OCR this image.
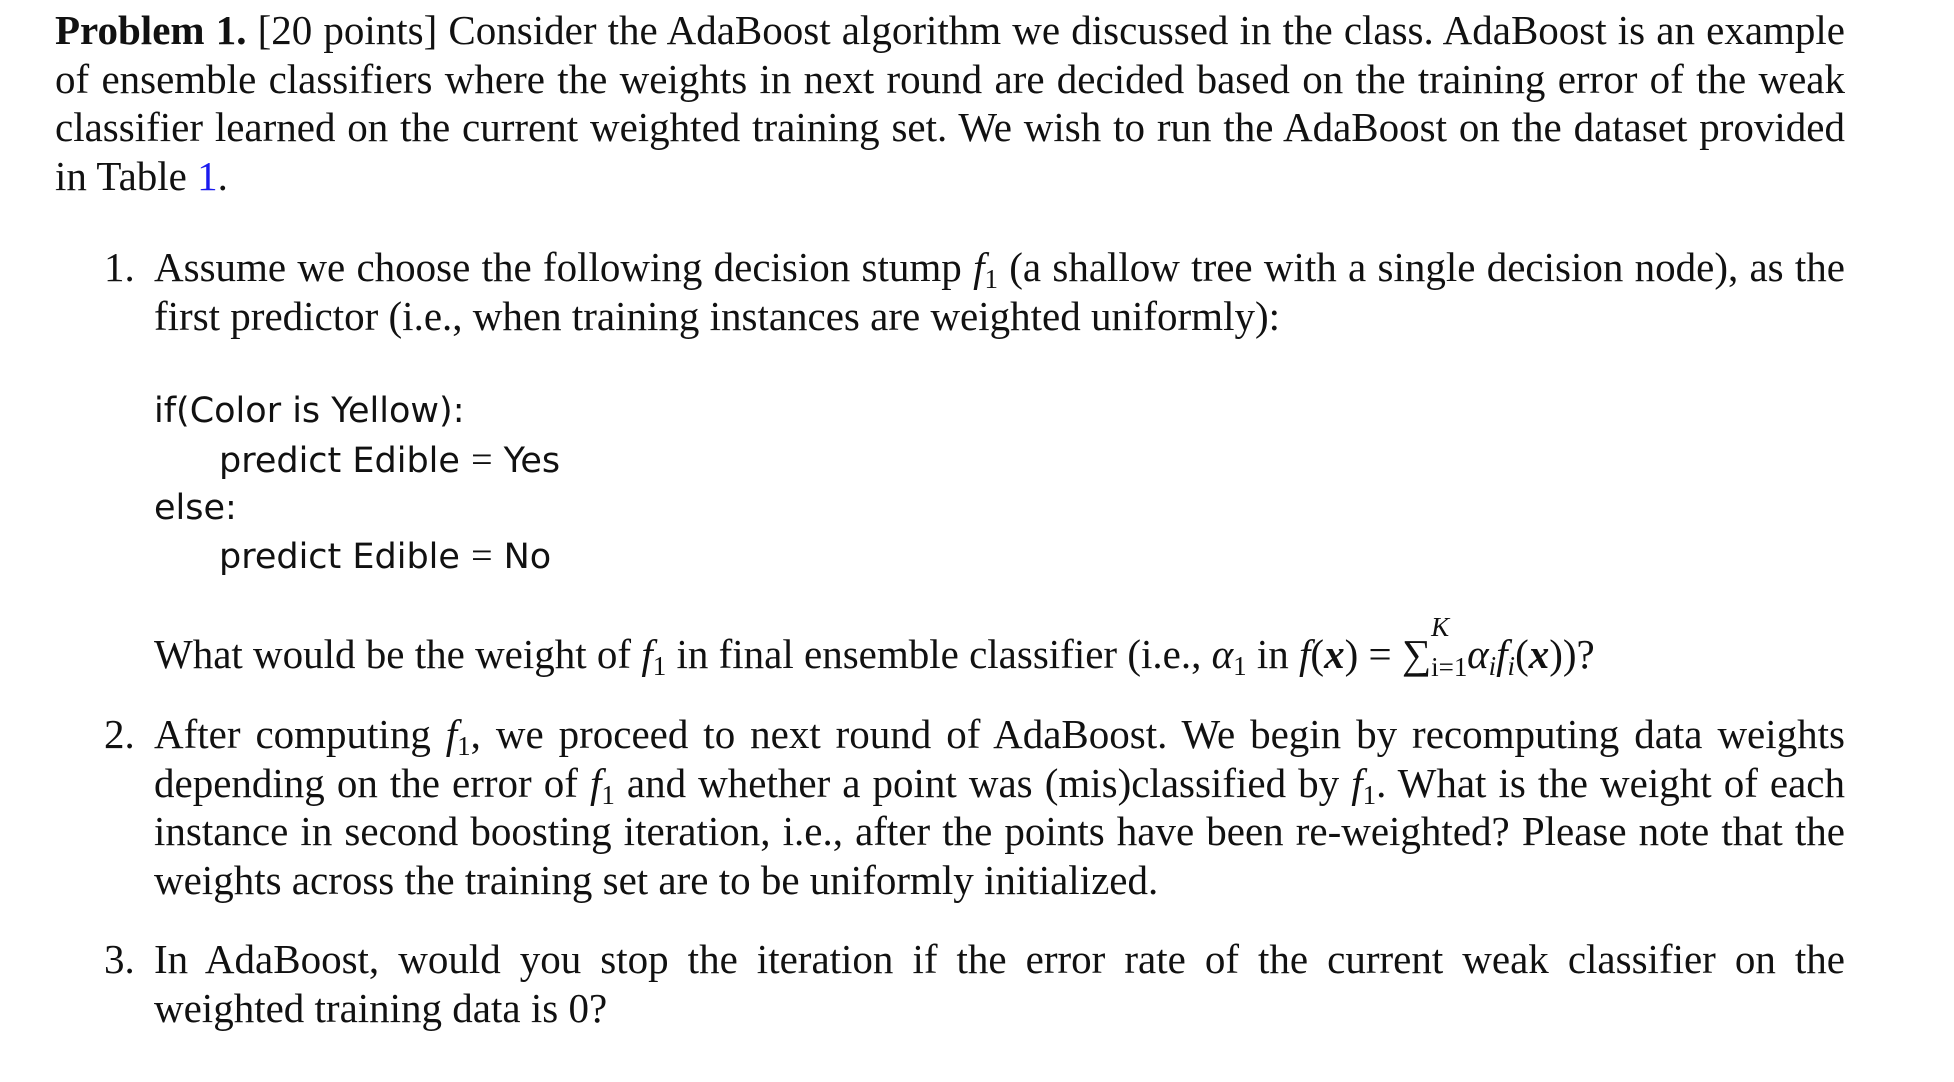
Problem 1. [20 points] Consider the AdaBoost algorithm we discussed in the class. AdaBoost is an example of ensemble classifiers where the weights in next round are decided based on the training error of the weak classifier learned on the current weighted training set. We wish to run the AdaBoost on the dataset provided in Table 1.

1. Assume we choose the following decision stump $f_1$ (a shallow tree with a single decision node), as the first predictor (i.e., when training instances are weighted uniformly):
if(Color is Yellow):
predict Edible = Yes
else:
predict Edible = No

What would be the weight of $f_1$ in final ensemble classifier (i.e., $\alpha_1$ in f(x) = ∑
K
i=1 $\alpha_if_i(x)$)?

2. After computing $f_1$, we proceed to next round of AdaBoost. We begin by recomputing data weights depending on the error of $f_1$ and whether a point was (mis)classified by $f_1$. What is the weight of each instance in second boosting iteration, i.e., after the points have been re-weighted? Please note that the weights across the training set are to be uniformly initialized.
3. In AdaBoost, would you stop the iteration if the error rate of the current weak classifier on the weighted training data is 0?
